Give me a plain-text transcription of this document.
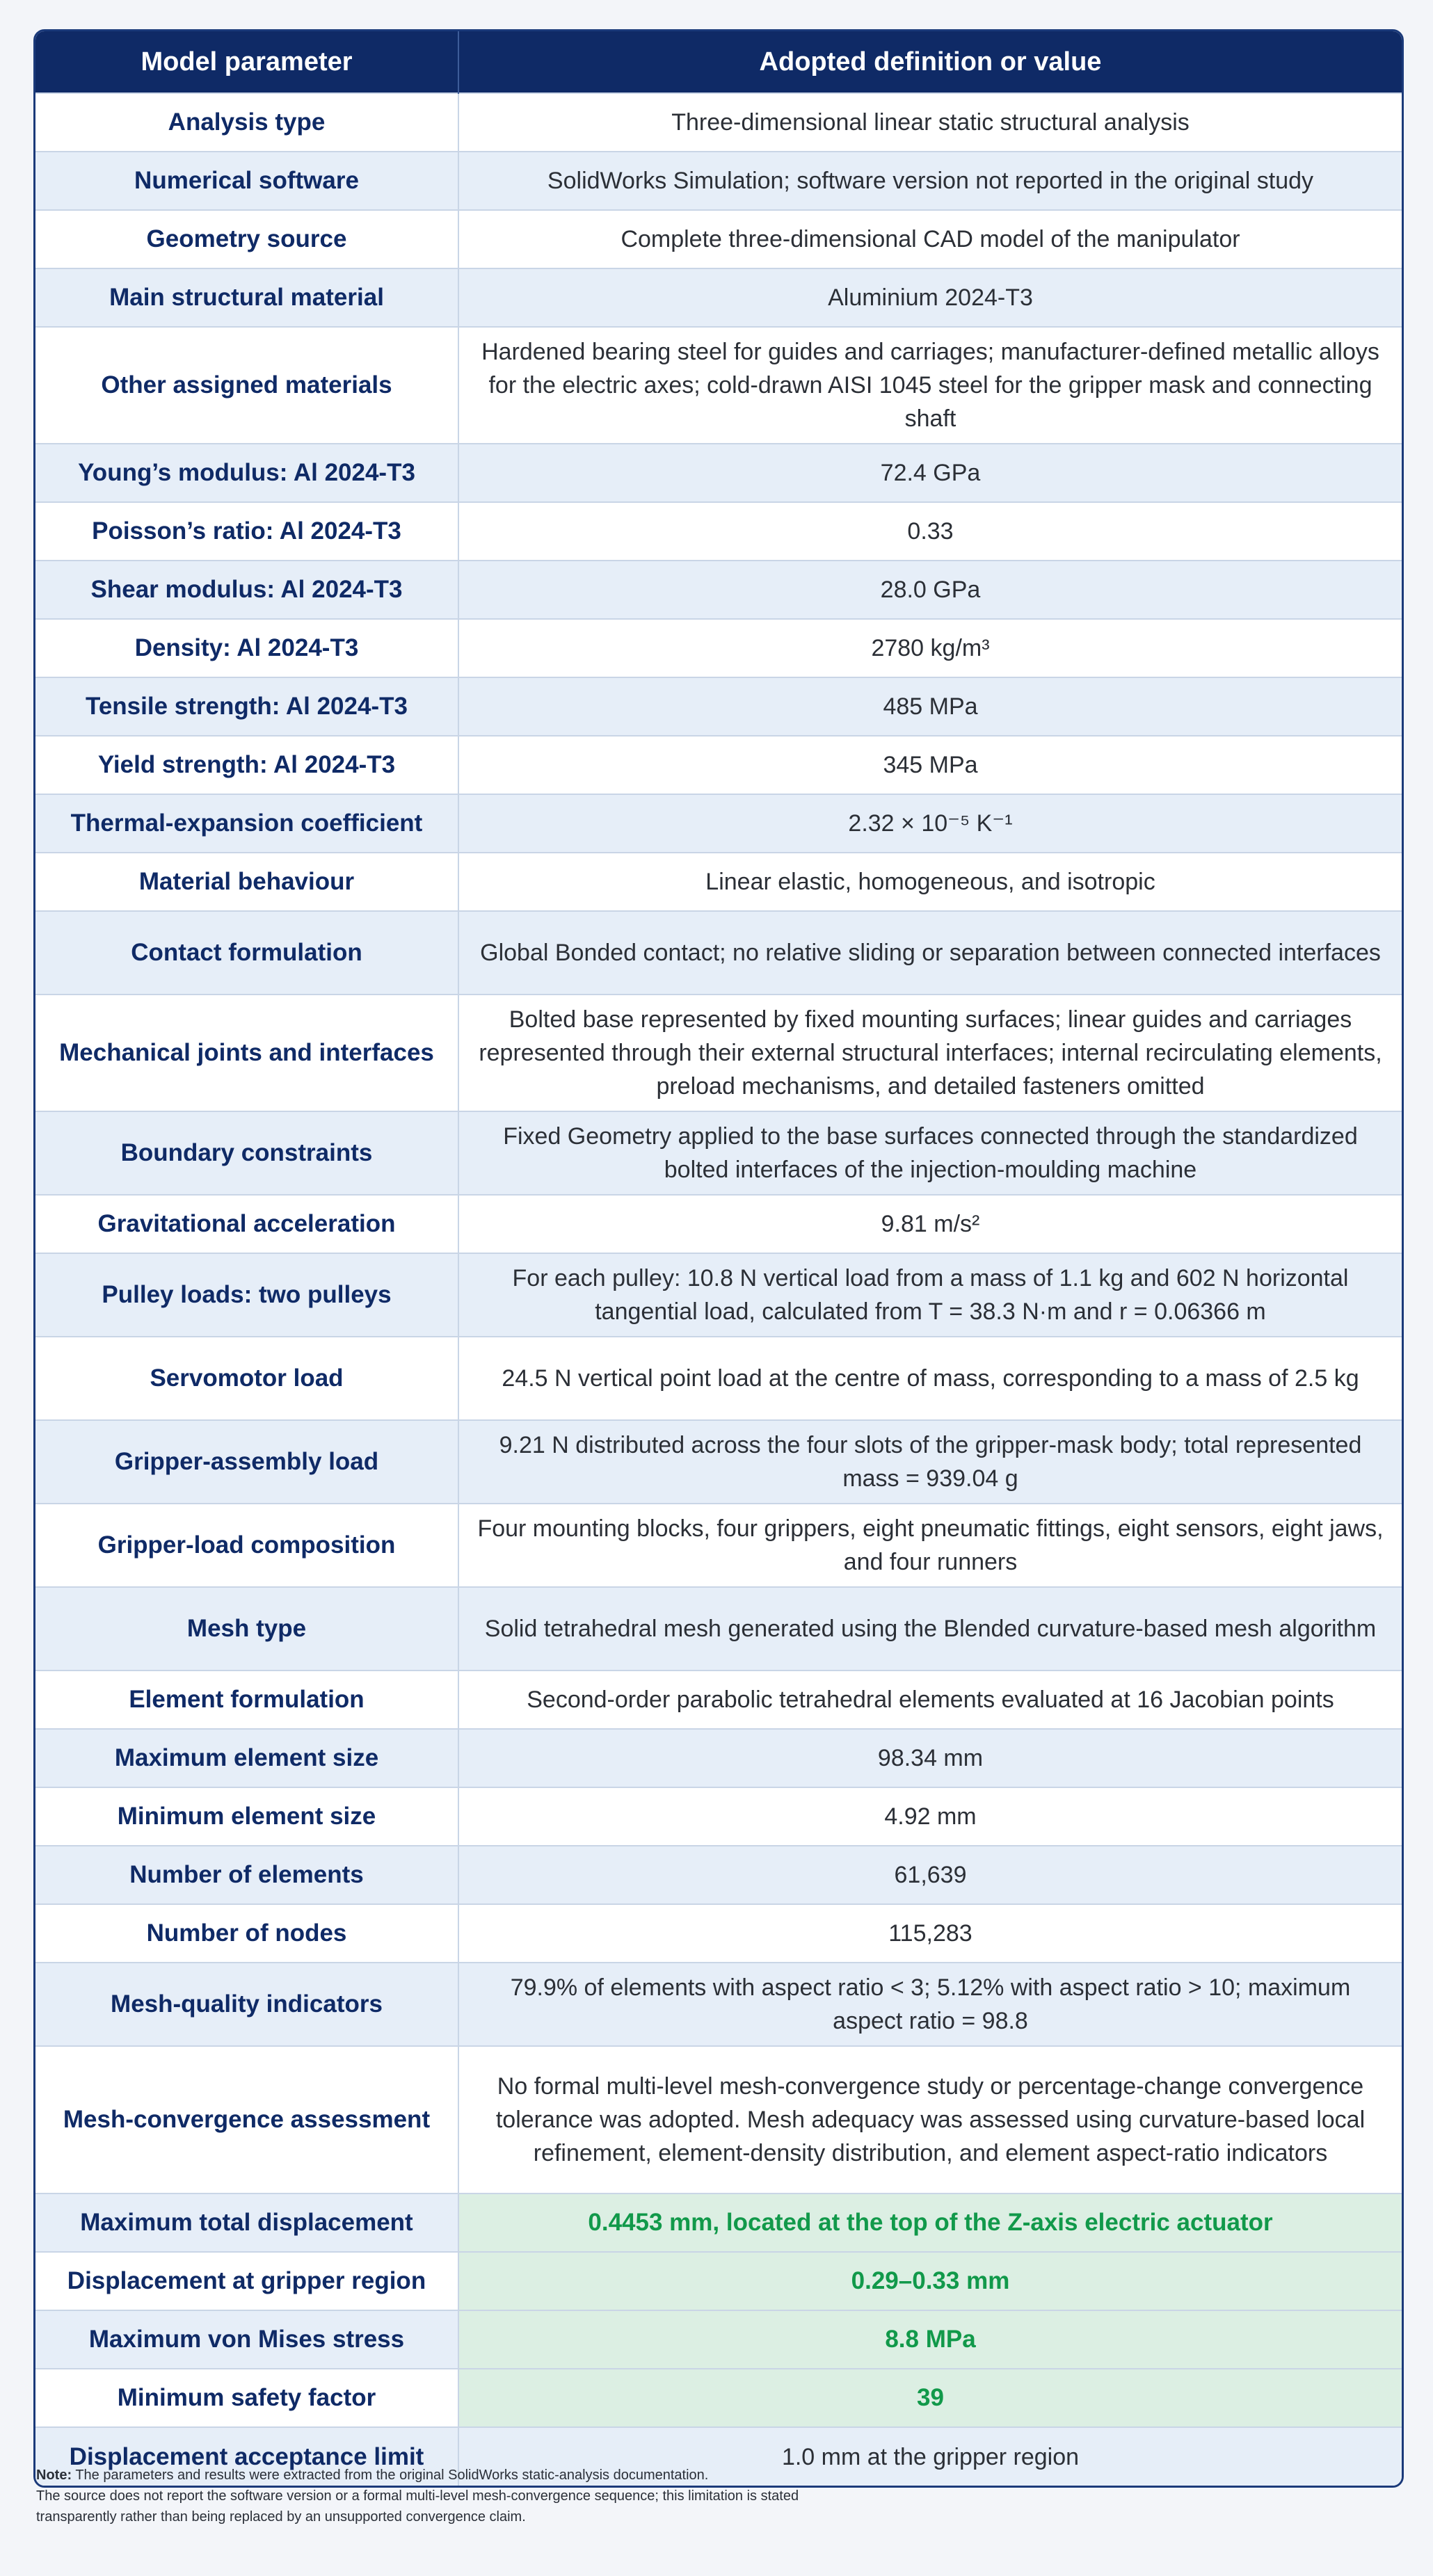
Model parameter	Adopted definition or value
Analysis type	Three-dimensional linear static structural analysis
Numerical software	SolidWorks Simulation; software version not reported in the original study
Geometry source	Complete three-dimensional CAD model of the manipulator
Main structural material	Aluminium 2024-T3
Other assigned materials	Hardened bearing steel for guides and carriages; manufacturer-defined metallic alloys for the electric axes; cold-drawn AISI 1045 steel for the gripper mask and connecting shaft
Young’s modulus: Al 2024-T3	72.4 GPa
Poisson’s ratio: Al 2024-T3	0.33
Shear modulus: Al 2024-T3	28.0 GPa
Density: Al 2024-T3	2780 kg/m³
Tensile strength: Al 2024-T3	485 MPa
Yield strength: Al 2024-T3	345 MPa
Thermal-expansion coefficient	2.32 × 10⁻⁵ K⁻¹
Material behaviour	Linear elastic, homogeneous, and isotropic
Contact formulation	Global Bonded contact; no relative sliding or separation between connected interfaces
Mechanical joints and interfaces	Bolted base represented by fixed mounting surfaces; linear guides and carriages represented through their external structural interfaces; internal recirculating elements, preload mechanisms, and detailed fasteners omitted
Boundary constraints	Fixed Geometry applied to the base surfaces connected through the standardized bolted interfaces of the injection-moulding machine
Gravitational acceleration	9.81 m/s²
Pulley loads: two pulleys	For each pulley: 10.8 N vertical load from a mass of 1.1 kg and 602 N horizontal tangential load, calculated from T = 38.3 N·m and r = 0.06366 m
Servomotor load	24.5 N vertical point load at the centre of mass, corresponding to a mass of 2.5 kg
Gripper-assembly load	9.21 N distributed across the four slots of the gripper-mask body; total represented mass = 939.04 g
Gripper-load composition	Four mounting blocks, four grippers, eight pneumatic fittings, eight sensors, eight jaws, and four runners
Mesh type	Solid tetrahedral mesh generated using the Blended curvature-based mesh algorithm
Element formulation	Second-order parabolic tetrahedral elements evaluated at 16 Jacobian points
Maximum element size	98.34 mm
Minimum element size	4.92 mm
Number of elements	61,639
Number of nodes	115,283
Mesh-quality indicators	79.9% of elements with aspect ratio < 3; 5.12% with aspect ratio > 10; maximum aspect ratio = 98.8
Mesh-convergence assessment	No formal multi-level mesh-convergence study or percentage-change convergence tolerance was adopted. Mesh adequacy was assessed using curvature-based local refinement, element-density distribution, and element aspect-ratio indicators
Maximum total displacement	0.4453 mm, located at the top of the Z-axis electric actuator
Displacement at gripper region	0.29–0.33 mm
Maximum von Mises stress	8.8 MPa
Minimum safety factor	39
Displacement acceptance limit	1.0 mm at the gripper region
Note: The parameters and results were extracted from the original SolidWorks static-analysis documentation.
The source does not report the software version or a formal multi-level mesh-convergence sequence; this limitation is stated
transparently rather than being replaced by an unsupported convergence claim.
